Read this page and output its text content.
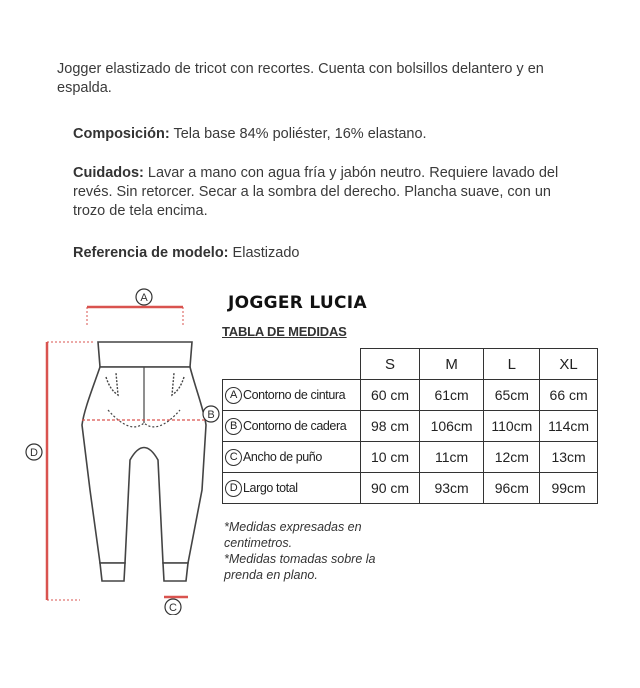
Jogger elastizado de tricot con recortes. Cuenta con bolsillos delantero y en espalda.
Composición: Tela base 84% poliéster, 16% elastano.
Cuidados: Lavar a mano con agua fría y jabón neutro. Requiere lavado del revés. Sin retorcer. Secar a la sombra del derecho. Plancha suave, con un trozo de tela encima.
Referencia de modelo: Elastizado
A
D
B
C
JOGGER LUCIA
TABLA DE MEDIDAS
	S	M	L	XL
A Contorno de cintura	60 cm	61cm	65cm	66 cm
B Contorno de cadera	98 cm	106cm	110cm	114cm
C Ancho de puño	10 cm	11cm	12cm	13cm
D Largo total	90 cm	93cm	96cm	99cm
*Medidas expresadas en centimetros.
*Medidas tomadas sobre la prenda en plano.
